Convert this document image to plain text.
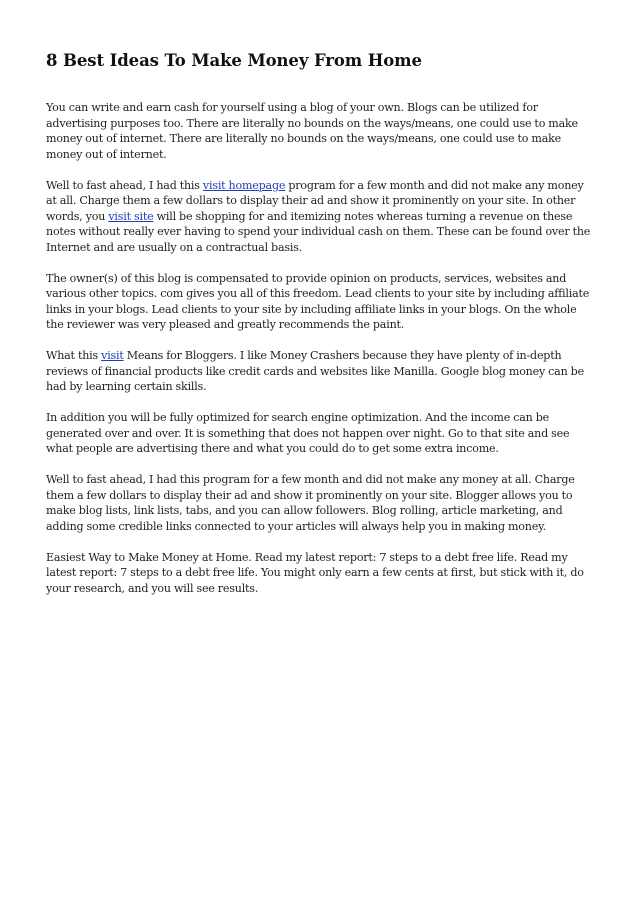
8 Best Ideas To Make Money From Home

You can write and earn cash for yourself using a blog of your own. Blogs can be utilized for advertising purposes too. There are literally no bounds on the ways/means, one could use to make money out of internet. There are literally no bounds on the ways/means, one could use to make money out of internet.

Well to fast ahead, I had this visit homepage program for a few month and did not make any money at all. Charge them a few dollars to display their ad and show it prominently on your site. In other words, you visit site will be shopping for and itemizing notes whereas turning a revenue on these notes without really ever having to spend your individual cash on them. These can be found over the Internet and are usually on a contractual basis.

The owner(s) of this blog is compensated to provide opinion on products, services, websites and various other topics. com gives you all of this freedom. Lead clients to your site by including affiliate links in your blogs. Lead clients to your site by including affiliate links in your blogs. On the whole the reviewer was very pleased and greatly recommends the paint.

What this visit Means for Bloggers. I like Money Crashers because they have plenty of in-depth reviews of financial products like credit cards and websites like Manilla. Google blog money can be had by learning certain skills.

In addition you will be fully optimized for search engine optimization. And the income can be generated over and over. It is something that does not happen over night. Go to that site and see what people are advertising there and what you could do to get some extra income.

Well to fast ahead, I had this program for a few month and did not make any money at all. Charge them a few dollars to display their ad and show it prominently on your site. Blogger allows you to make blog lists, link lists, tabs, and you can allow followers. Blog rolling, article marketing, and adding some credible links connected to your articles will always help you in making money.

Easiest Way to Make Money at Home. Read my latest report: 7 steps to a debt free life. Read my latest report: 7 steps to a debt free life. You might only earn a few cents at first, but stick with it, do your research, and you will see results.
